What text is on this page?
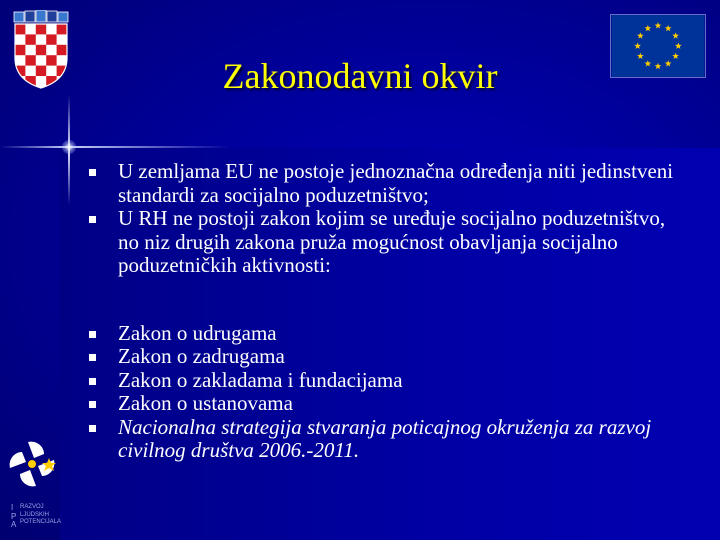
Zakonodavni okvir
U zemljama EU ne postoje jednoznačna određenja niti jedinstveni standardi za socijalno poduzetništvo;
U RH ne postoji zakon kojim se uređuje socijalno poduzetništvo, no niz drugih zakona pruža mogućnost obavljanja socijalno poduzetničkih aktivnosti:
Zakon o udrugama
Zakon o zadrugama
Zakon o zakladama i fundacijama
Zakon o ustanovama
Nacionalna strategija stvaranja poticajnog okruženja za razvoj civilnog društva 2006.-2011.
I
P
A
RAZVOJ
LJUDSKIH
POTENCIJALA
